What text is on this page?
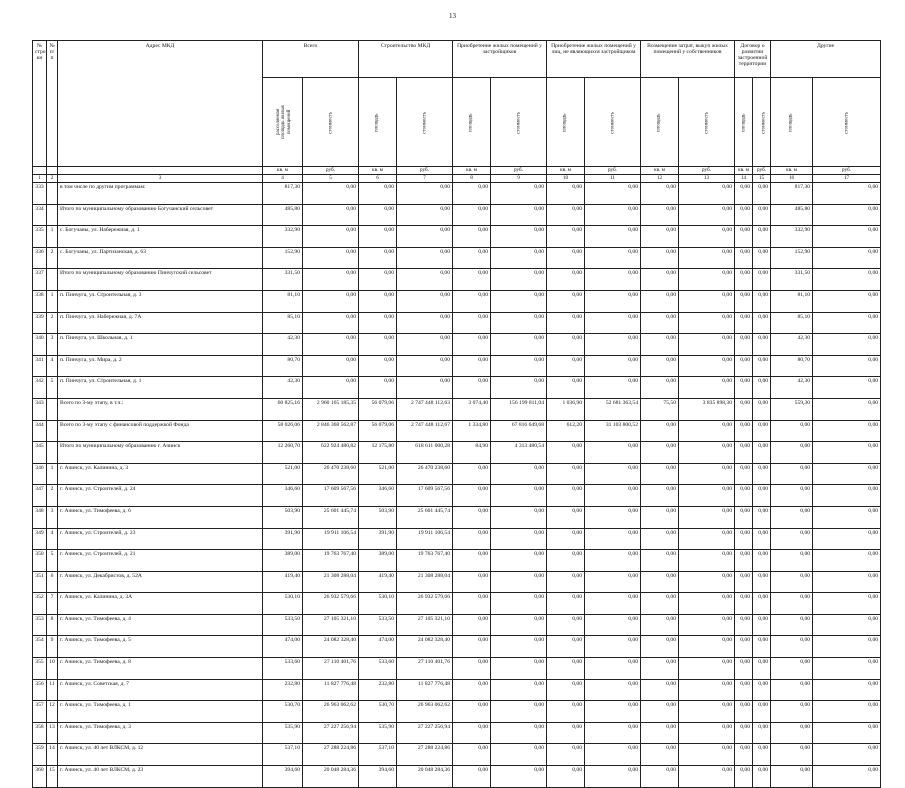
13
№ стро ки	№ п/п	Адрес МКД	Всего		Строительство МКД		Приобретение жилых помещений у застройщиков		Приобретение жилых помещений у лиц, не являющихся застройщиком		Возмещение затрат, выкуп жилых помещений у собственников		Договор о развитии застроенной территории		Другие	
			расселяемая площадь жилых помещений	стоимость	площадь	стоимость	площадь	стоимость	площадь	стоимость	площадь	стоимость	площадь	стоимость	площадь	стоимость
			кв. м	руб.	кв. м	руб.	кв. м	руб.	кв. м	руб.	кв. м	руб.	кв. м	руб.	кв. м	руб.
1	2	3	4	5	6	7	8	9	10	11	12	13	14	15	16	17
333		в том числе по другим программам:	817,30	0,00	0,00	0,00	0,00	0,00	0,00	0,00	0,00	0,00	0,00	0,00	817,30	0,00
334		Итого по муниципальному образованию Богучанский сельсовет	485,80	0,00	0,00	0,00	0,00	0,00	0,00	0,00	0,00	0,00	0,00	0,00	485,80	0,00
335	1	с. Богучаны, ул. Набережная, д. 1	332,90	0,00	0,00	0,00	0,00	0,00	0,00	0,00	0,00	0,00	0,00	0,00	332,90	0,00
336	2	с. Богучаны, ул. Партизанская, д. 63	152,90	0,00	0,00	0,00	0,00	0,00	0,00	0,00	0,00	0,00	0,00	0,00	152,90	0,00
337		Итого по муниципальному образованию Пинчугский сельсовет	331,50	0,00	0,00	0,00	0,00	0,00	0,00	0,00	0,00	0,00	0,00	0,00	331,50	0,00
338	1	п. Пинчуга, ул. Строительная, д. 3	81,10	0,00	0,00	0,00	0,00	0,00	0,00	0,00	0,00	0,00	0,00	0,00	81,10	0,00
339	2	п. Пинчуга, ул. Набережная, д. 7А	85,10	0,00	0,00	0,00	0,00	0,00	0,00	0,00	0,00	0,00	0,00	0,00	85,10	0,00
340	3	п. Пинчуга, ул. Школьная, д. 1	42,30	0,00	0,00	0,00	0,00	0,00	0,00	0,00	0,00	0,00	0,00	0,00	42,30	0,00
341	4	п. Пинчуга, ул. Мира, д. 2	80,70	0,00	0,00	0,00	0,00	0,00	0,00	0,00	0,00	0,00	0,00	0,00	80,70	0,00
342	5	п. Пинчуга, ул. Строительная, д. 1	42,30	0,00	0,00	0,00	0,00	0,00	0,00	0,00	0,00	0,00	0,00	0,00	42,30	0,00
343		Всего по 3-му этапу, в т.ч.:	60 825,16	2 960 165 185,35	56 079,06	2 747 448 112,63	3 074,40	156 199 811,04	1 036,90	52 681 363,54	75,50	3 835 898,30	0,00	0,00	559,30	0,00
344		Всего по 3-му этапу с финансовой поддержкой Фонда	58 026,06	2 846 368 562,87	56 079,06	2 747 448 112,67	1 334,80	67 816 649,68	612,20	31 103 800,52	0,00	0,00	0,00	0,00	0,00	0,00
345		Итого по муниципальному образованию г. Ачинск	12 260,70	622 924 480,82	12 175,80	618 611 000,28	84,90	4 313 480,54	0,00	0,00	0,00	0,00	0,00	0,00	0,00	0,00
346	1	г. Ачинск, ул. Калинина, д. 3	521,00	26 470 238,60	521,00	26 470 238,60	0,00	0,00	0,00	0,00	0,00	0,00	0,00	0,00	0,00	0,00
347	2	г. Ачинск, ул. Строителей, д. 24	346,60	17 609 567,56	346,60	17 609 567,56	0,00	0,00	0,00	0,00	0,00	0,00	0,00	0,00	0,00	0,00
348	3	г. Ачинск, ул. Тимофеева, д. 6	503,90	25 601 445,74	503,90	25 601 445,74	0,00	0,00	0,00	0,00	0,00	0,00	0,00	0,00	0,00	0,00
349	4	г. Ачинск, ул. Строителей, д. 23	391,90	19 911 106,54	391,90	19 911 106,54	0,00	0,00	0,00	0,00	0,00	0,00	0,00	0,00	0,00	0,00
350	5	г. Ачинск, ул. Строителей, д. 21	389,00	19 763 767,40	389,00	19 763 767,40	0,00	0,00	0,00	0,00	0,00	0,00	0,00	0,00	0,00	0,00
351	6	г. Ачинск, ул. Декабристов, д. 52А	419,40	21 308 288,04	419,40	21 308 288,04	0,00	0,00	0,00	0,00	0,00	0,00	0,00	0,00	0,00	0,00
352	7	г. Ачинск, ул. Калинина, д. 3А	530,10	26 932 579,66	530,10	26 932 579,66	0,00	0,00	0,00	0,00	0,00	0,00	0,00	0,00	0,00	0,00
353	8	г. Ачинск, ул. Тимофеева, д. 4	533,50	27 105 321,10	533,50	27 105 321,10	0,00	0,00	0,00	0,00	0,00	0,00	0,00	0,00	0,00	0,00
354	9	г. Ачинск, ул. Тимофеева, д. 5	474,00	24 082 328,40	474,00	24 082 328,40	0,00	0,00	0,00	0,00	0,00	0,00	0,00	0,00	0,00	0,00
355	10	г. Ачинск, ул. Тимофеева, д. 8	533,60	27 110 401,76	533,60	27 110 401,76	0,00	0,00	0,00	0,00	0,00	0,00	0,00	0,00	0,00	0,00
356	11	г. Ачинск, ул. Советская, д. 7	232,80	11 827 776,48	232,80	11 827 776,48	0,00	0,00	0,00	0,00	0,00	0,00	0,00	0,00	0,00	0,00
357	12	г. Ачинск, ул. Тимофеева, д. 1	530,70	26 963 062,62	530,70	26 963 062,62	0,00	0,00	0,00	0,00	0,00	0,00	0,00	0,00	0,00	0,00
358	13	г. Ачинск, ул. Тимофеева, д. 3	535,90	27 227 256,94	535,90	27 227 256,94	0,00	0,00	0,00	0,00	0,00	0,00	0,00	0,00	0,00	0,00
359	14	г. Ачинск, ул. 40 лет ВЛКСМ, д. 12	537,10	27 288 224,86	537,10	27 288 224,86	0,00	0,00	0,00	0,00	0,00	0,00	0,00	0,00	0,00	0,00
360	15	г. Ачинск, ул. 40 лет ВЛКСМ, д. 23	394,60	20 048 284,36	394,60	20 048 284,36	0,00	0,00	0,00	0,00	0,00	0,00	0,00	0,00	0,00	0,00
